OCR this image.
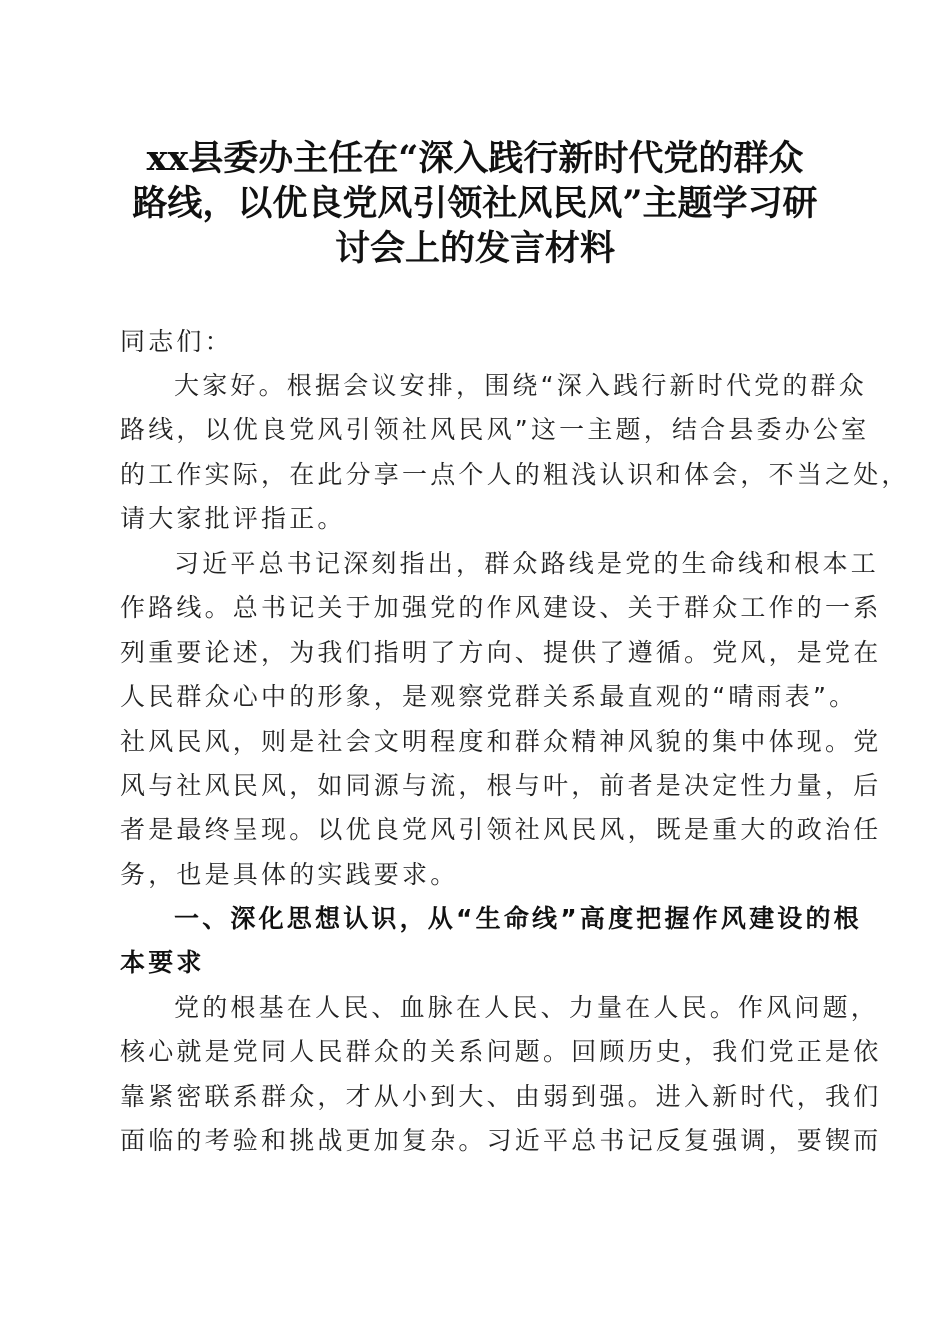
xx县委办主任在“深入践行新时代党的群众
路线，以优良党风引领社风民风”主题学习研
讨会上的发言材料
同志们：
大家好。根据会议安排，围绕“深入践行新时代党的群众
路线，以优良党风引领社风民风”这一主题，结合县委办公室
的工作实际，在此分享一点个人的粗浅认识和体会，不当之处，
请大家批评指正。
习近平总书记深刻指出，群众路线是党的生命线和根本工
作路线。总书记关于加强党的作风建设、关于群众工作的一系
列重要论述，为我们指明了方向、提供了遵循。党风，是党在
人民群众心中的形象，是观察党群关系最直观的“晴雨表”。
社风民风，则是社会文明程度和群众精神风貌的集中体现。党
风与社风民风，如同源与流，根与叶，前者是决定性力量，后
者是最终呈现。以优良党风引领社风民风，既是重大的政治任
务，也是具体的实践要求。
一、深化思想认识，从“生命线”高度把握作风建设的根
本要求
党的根基在人民、血脉在人民、力量在人民。作风问题，
核心就是党同人民群众的关系问题。回顾历史，我们党正是依
靠紧密联系群众，才从小到大、由弱到强。进入新时代，我们
面临的考验和挑战更加复杂。习近平总书记反复强调，要锲而
